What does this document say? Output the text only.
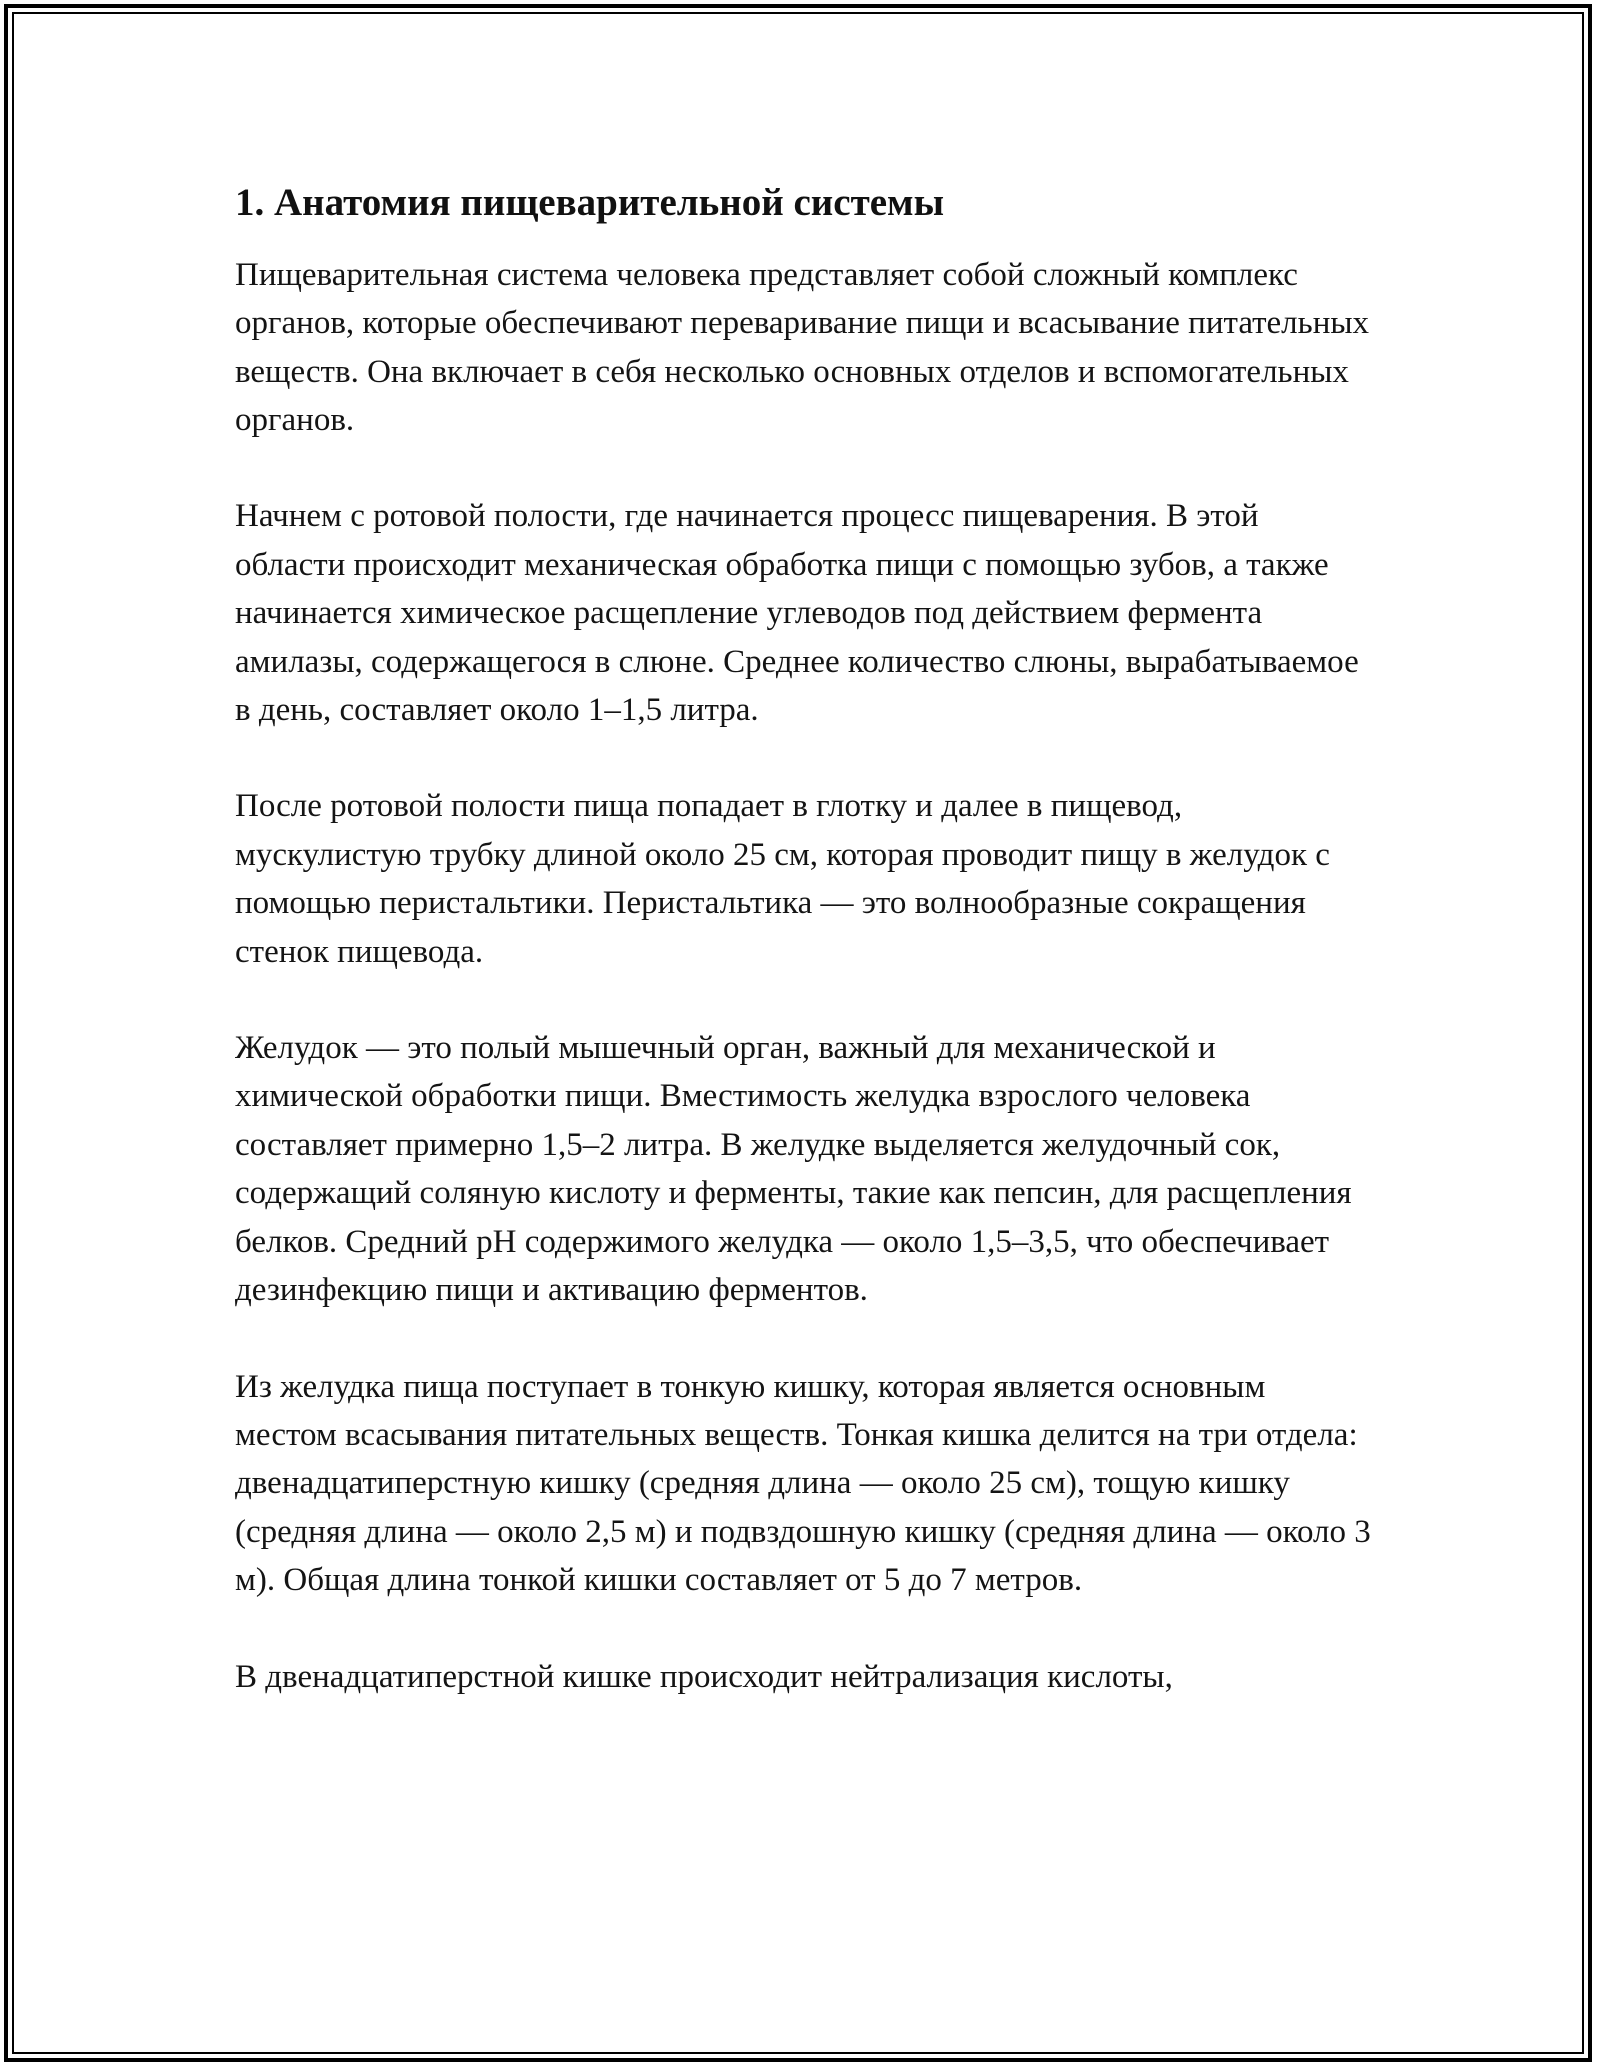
1. Анатомия пищеварительной системы

Пищеварительная система человека представляет собой сложный комплекс органов, которые обеспечивают переваривание пищи и всасывание питательных веществ. Она включает в себя несколько основных отделов и вспомогательных органов.

Начнем с ротовой полости, где начинается процесс пищеварения. В этой области происходит механическая обработка пищи с помощью зубов, а также начинается химическое расщепление углеводов под действием фермента амилазы, содержащегося в слюне. Среднее количество слюны, вырабатываемое в день, составляет около 1–1,5 литра.

После ротовой полости пища попадает в глотку и далее в пищевод, мускулистую трубку длиной около 25 см, которая проводит пищу в желудок с помощью перистальтики. Перистальтика — это волнообразные сокращения стенок пищевода.

Желудок — это полый мышечный орган, важный для механической и химической обработки пищи. Вместимость желудка взрослого человека составляет примерно 1,5–2 литра. В желудке выделяется желудочный сок, содержащий соляную кислоту и ферменты, такие как пепсин, для расщепления белков. Средний pH содержимого желудка — около 1,5–3,5, что обеспечивает дезинфекцию пищи и активацию ферментов.

Из желудка пища поступает в тонкую кишку, которая является основным местом всасывания питательных веществ. Тонкая кишка делится на три отдела: двенадцатиперстную кишку (средняя длина — около 25 см), тощую кишку (средняя длина — около 2,5 м) и подвздошную кишку (средняя длина — около 3 м). Общая длина тонкой кишки составляет от 5 до 7 метров.

В двенадцатиперстной кишке происходит нейтрализация кислоты,
